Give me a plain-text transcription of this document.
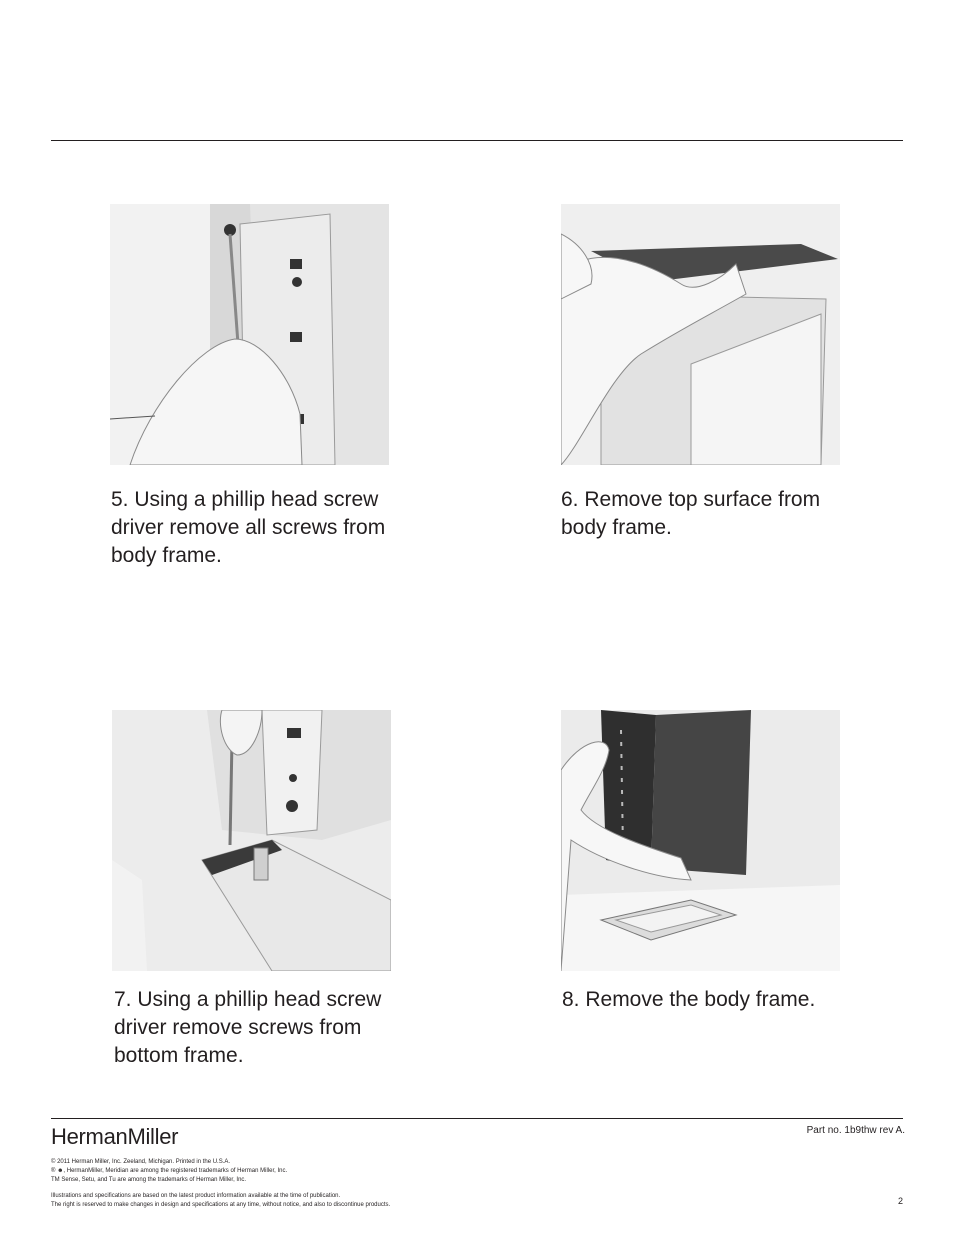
5. Using a phillip head screw driver remove all screws from body frame.
6. Remove top surface from body frame.
7. Using a phillip head screw driver remove screws from bottom frame.
8. Remove the body frame.
HermanMiller	Part no. 1b9thw rev A.
© 2011 Herman Miller, Inc. Zeeland, Michigan. Printed in the U.S.A.
® ☻, HermanMiller, Meridian are among the registered trademarks of Herman Miller, Inc.
TM Sense, Setu, and Tu are among the trademarks of Herman Miller, Inc.
Illustrations and specifications are based on the latest product information available at the time of publication.
The right is reserved to make changes in design and specifications at any time, without notice, and also to discontinue products.	2
